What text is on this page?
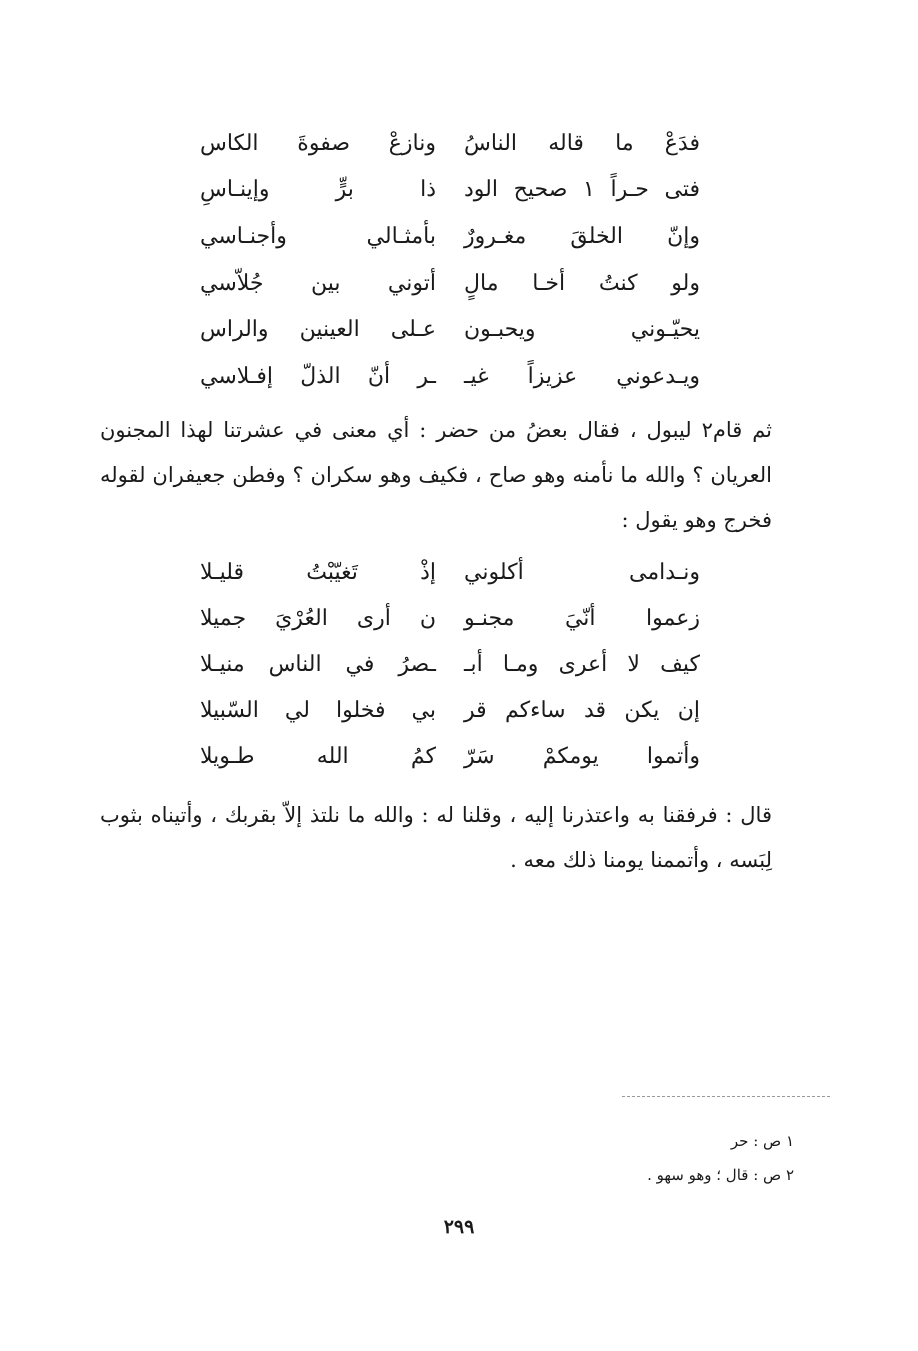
فدَعْ ما قاله الناسُ
ونازعْ صفوةَ الكاس
فتى حـراً ١ صحيح الود
ذا برٍّ وإينـاسِ
وإنّ الخلقَ مغـرورٌ
بأمثـالي وأجنـاسي
ولو كنتُ أخـا مالٍ
أتوني بين جُلاّسي
يحيّـوني ويحبـون
عـلى العينين والراس
ويـدعوني عزيزاً غيـ
ـر أنّ الذلّ إفـلاسي

ثم قام٢ ليبول ، فقال بعضُ من حضر : أي معنى في عشرتنا لهذا المجنون العريان ؟ والله ما نأمنه وهو صاح ، فكيف وهو سكران ؟ وفطن جعيفران لقوله فخرج وهو يقول :

ونـدامى أكلوني
إذْ تَغيّبْتُ قليـلا
زعموا أنّيَ مجنـو
ن أرى العُرْيَ جميلا
كيف لا أعرى ومـا أبـ
ـصرُ في الناس منيـلا
إن يكن قد ساءكم قر
بي فخلوا لي السّبيلا
وأتموا يومكمْ سَرّ
كمُ الله طـويلا

قال : فرفقنا به واعتذرنا إليه ، وقلنا له : والله ما نلتذ إلاّ بقربك ، وأتيناه بثوب لِبَسه ، وأتممنا يومنا ذلك معه .

١ ص : حر
٢ ص : قال ؛ وهو سهو .
٢٩٩
